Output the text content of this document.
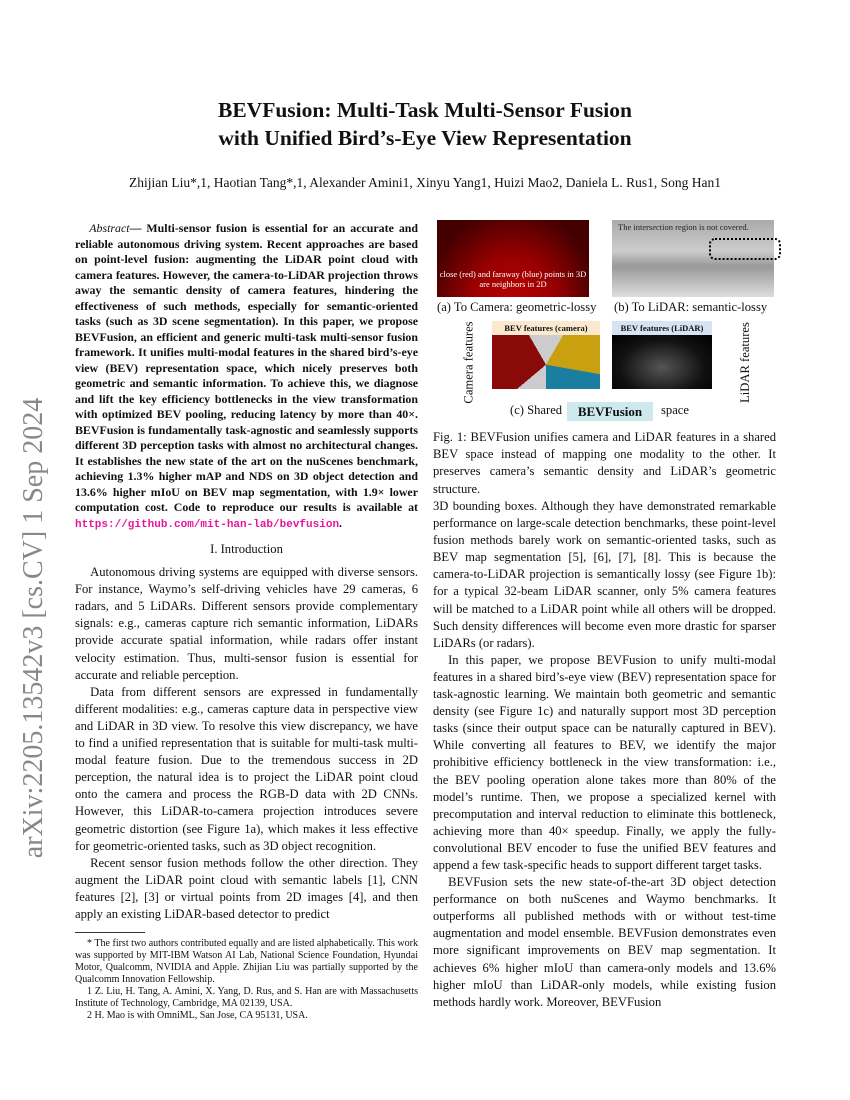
arXiv:2205.13542v3 [cs.CV] 1 Sep 2024
BEVFusion: Multi-Task Multi-Sensor Fusion
with Unified Bird’s-Eye View Representation
Zhijian Liu*,1, Haotian Tang*,1, Alexander Amini1, Xinyu Yang1, Huizi Mao2, Daniela L. Rus1, Song Han1

Abstract— Multi-sensor fusion is essential for an accurate and reliable autonomous driving system. Recent approaches are based on point-level fusion: augmenting the LiDAR point cloud with camera features. However, the camera-to-LiDAR projection throws away the semantic density of camera features, hindering the effectiveness of such methods, especially for semantic-oriented tasks (such as 3D scene segmentation). In this paper, we propose BEVFusion, an efficient and generic multi-task multi-sensor fusion framework. It unifies multi-modal features in the shared bird’s-eye view (BEV) representation space, which nicely preserves both geometric and semantic information. To achieve this, we diagnose and lift the key efficiency bottlenecks in the view transformation with optimized BEV pooling, reducing latency by more than 40×. BEVFusion is fundamentally task-agnostic and seamlessly supports different 3D perception tasks with almost no architectural changes. It establishes the new state of the art on the nuScenes benchmark, achieving 1.3% higher mAP and NDS on 3D object detection and 13.6% higher mIoU on BEV map segmentation, with 1.9× lower computation cost. Code to reproduce our results is available at https://github.com/mit-han-lab/bevfusion.

I. Introduction

Autonomous driving systems are equipped with diverse sensors. For instance, Waymo’s self-driving vehicles have 29 cameras, 6 radars, and 5 LiDARs. Different sensors provide complementary signals: e.g., cameras capture rich semantic information, LiDARs provide accurate spatial information, while radars offer instant velocity estimation. Thus, multi-sensor fusion is essential for accurate and reliable perception.

Data from different sensors are expressed in fundamentally different modalities: e.g., cameras capture data in perspective view and LiDAR in 3D view. To resolve this view discrepancy, we have to find a unified representation that is suitable for multi-task multi-modal feature fusion. Due to the tremendous success in 2D perception, the natural idea is to project the LiDAR point cloud onto the camera and process the RGB-D data with 2D CNNs. However, this LiDAR-to-camera projection introduces severe geometric distortion (see Figure 1a), which makes it less effective for geometric-oriented tasks, such as 3D object recognition.

Recent sensor fusion methods follow the other direction. They augment the LiDAR point cloud with semantic labels [1], CNN features [2], [3] or virtual points from 2D images [4], and then apply an existing LiDAR-based detector to predict

* The first two authors contributed equally and are listed alphabetically. This work was supported by MIT-IBM Watson AI Lab, National Science Foundation, Hyundai Motor, Qualcomm, NVIDIA and Apple. Zhijian Liu was partially supported by the Qualcomm Innovation Fellowship.

1 Z. Liu, H. Tang, A. Amini, X. Yang, D. Rus, and S. Han are with Massachusetts Institute of Technology, Cambridge, MA 02139, USA.

2 H. Mao is with OmniML, San Jose, CA 95131, USA.

close (red) and faraway (blue) points in 3D
are neighbors in 2D
The intersection region is not covered.
(a) To Camera: geometric-lossy (b) To LiDAR: semantic-lossy
BEV features (camera)	BEV features (LiDAR)
Camera features	LiDAR features
(c) Shared	BEVFusion	space
Fig. 1: BEVFusion unifies camera and LiDAR features in a shared BEV space instead of mapping one modality to the other. It preserves camera’s semantic density and LiDAR’s geometric structure.

3D bounding boxes. Although they have demonstrated remarkable performance on large-scale detection benchmarks, these point-level fusion methods barely work on semantic-oriented tasks, such as BEV map segmentation [5], [6], [7], [8]. This is because the camera-to-LiDAR projection is semantically lossy (see Figure 1b): for a typical 32-beam LiDAR scanner, only 5% camera features will be matched to a LiDAR point while all others will be dropped. Such density differences will become even more drastic for sparser LiDARs (or radars).

In this paper, we propose BEVFusion to unify multi-modal features in a shared bird’s-eye view (BEV) representation space for task-agnostic learning. We maintain both geometric and semantic density (see Figure 1c) and naturally support most 3D perception tasks (since their output space can be naturally captured in BEV). While converting all features to BEV, we identify the major prohibitive efficiency bottleneck in the view transformation: i.e., the BEV pooling operation alone takes more than 80% of the model’s runtime. Then, we propose a specialized kernel with precomputation and interval reduction to eliminate this bottleneck, achieving more than 40× speedup. Finally, we apply the fully-convolutional BEV encoder to fuse the unified BEV features and append a few task-specific heads to support different target tasks.

BEVFusion sets the new state-of-the-art 3D object detection performance on both nuScenes and Waymo benchmarks. It outperforms all published methods with or without test-time augmentation and model ensemble. BEVFusion demonstrates even more significant improvements on BEV map segmentation. It achieves 6% higher mIoU than camera-only models and 13.6% higher mIoU than LiDAR-only models, while existing fusion methods hardly work. Moreover, BEVFusion
